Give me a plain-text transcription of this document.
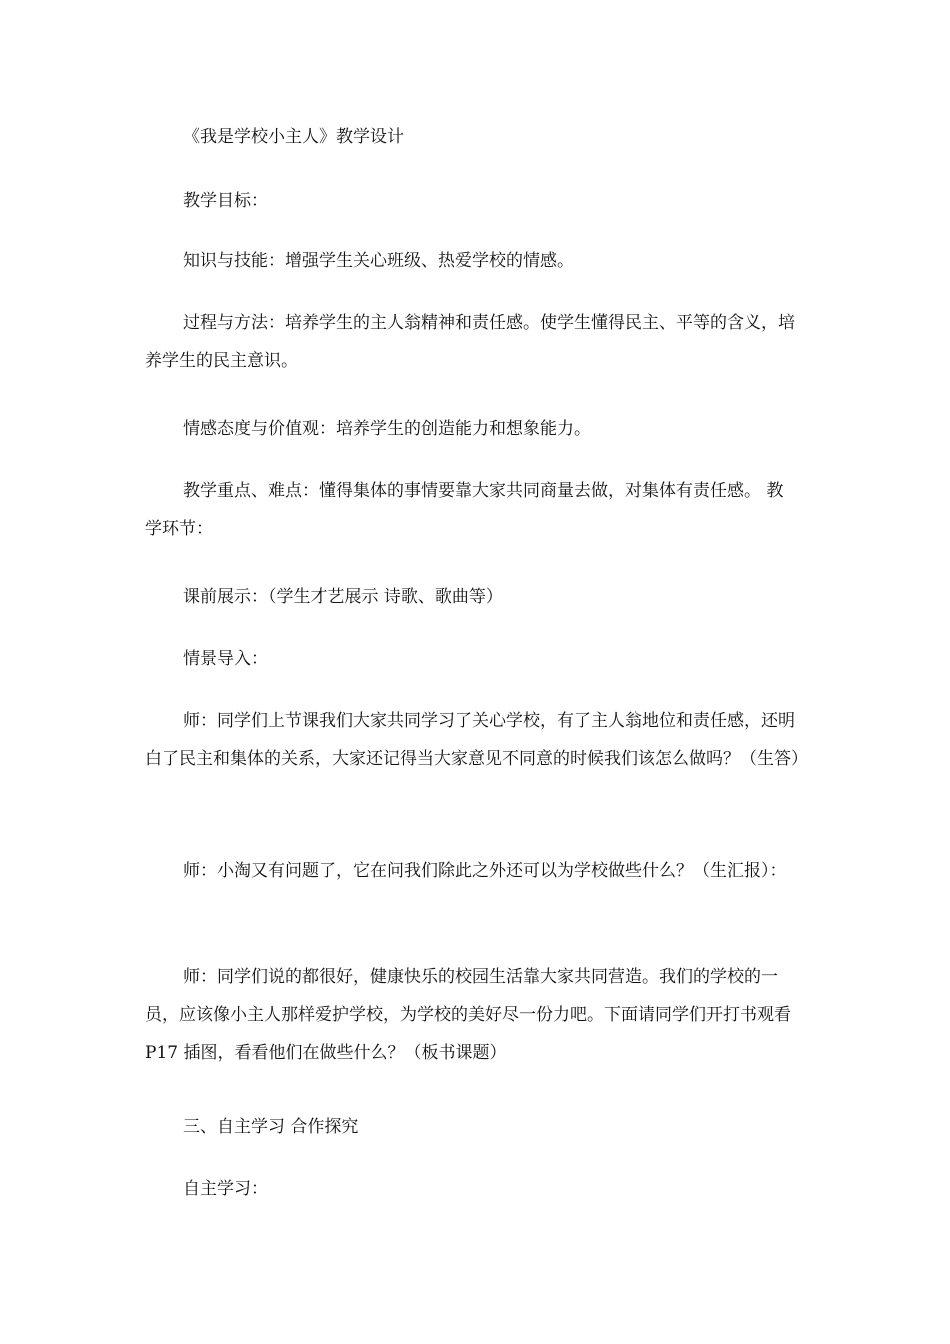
《我是学校小主人》教学设计

教学目标：

知识与技能：增强学生关心班级、热爱学校的情感。

过程与方法：培养学生的主人翁精神和责任感。使学生懂得民主、平等的含义，培养学生的民主意识。

情感态度与价值观：培养学生的创造能力和想象能力。

教学重点、难点：懂得集体的事情要靠大家共同商量去做，对集体有责任感。 教学环节：

课前展示：（学生才艺展示 诗歌、歌曲等）

情景导入：

师：同学们上节课我们大家共同学习了关心学校，有了主人翁地位和责任感，还明白了民主和集体的关系，大家还记得当大家意见不同意的时候我们该怎么做吗？（生答）

师：小淘又有问题了，它在问我们除此之外还可以为学校做些什么？（生汇报）：

师：同学们说的都很好，健康快乐的校园生活靠大家共同营造。我们的学校的一员，应该像小主人那样爱护学校，为学校的美好尽一份力吧。下面请同学们开打书观看 P17 插图，看看他们在做些什么？（板书课题）

三、自主学习 合作探究

自主学习：
